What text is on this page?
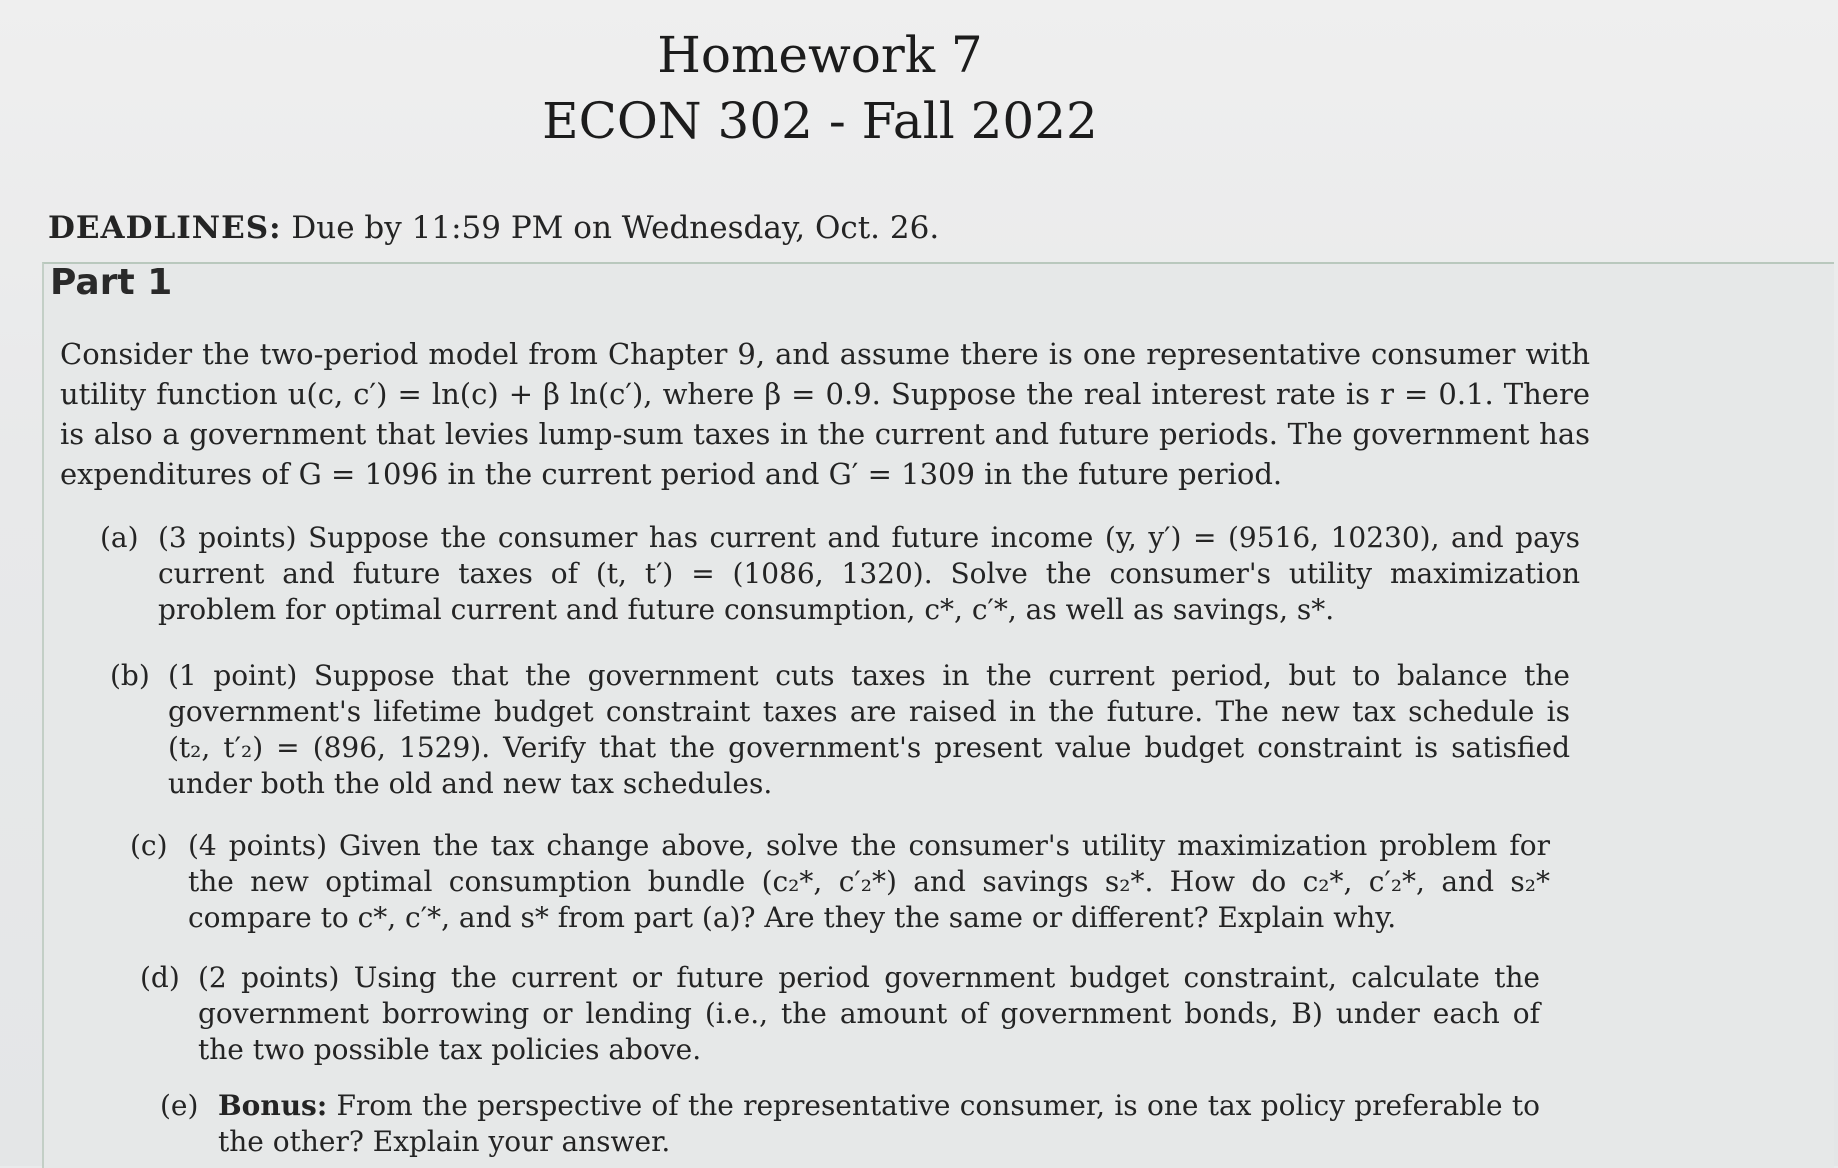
Homework 7
ECON 302 - Fall 2022
DEADLINES: Due by 11:59 PM on Wednesday, Oct. 26.
Part 1
Consider the two-period model from Chapter 9, and assume there is one representative consumer with utility function u(c, c′) = ln(c) + β ln(c′), where β = 0.9. Suppose the real interest rate is r = 0.1. There is also a government that levies lump-sum taxes in the current and future periods. The government has expenditures of G = 1096 in the current period and G′ = 1309 in the future period.
(a) (3 points) Suppose the consumer has current and future income (y, y′) = (9516, 10230), and pays current and future taxes of (t, t′) = (1086, 1320). Solve the consumer's utility maximization problem for optimal current and future consumption, c*, c′*, as well as savings, s*.
(b) (1 point) Suppose that the government cuts taxes in the current period, but to balance the government's lifetime budget constraint taxes are raised in the future. The new tax schedule is (t₂, t′₂) = (896, 1529). Verify that the government's present value budget constraint is satisfied under both the old and new tax schedules.
(c) (4 points) Given the tax change above, solve the consumer's utility maximization problem for the new optimal consumption bundle (c₂*, c′₂*) and savings s₂*. How do c₂*, c′₂*, and s₂* compare to c*, c′*, and s* from part (a)? Are they the same or different? Explain why.
(d) (2 points) Using the current or future period government budget constraint, calculate the government borrowing or lending (i.e., the amount of government bonds, B) under each of the two possible tax policies above.
(e) Bonus: From the perspective of the representative consumer, is one tax policy preferable to the other? Explain your answer.
